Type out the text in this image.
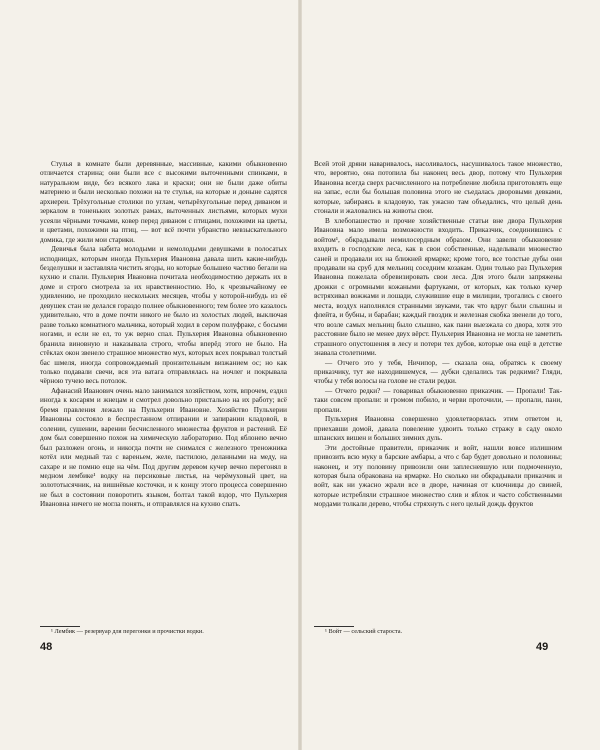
Стулья в комнате были деревянные, массивные, какими обыкновенно отличается старина; они были все с высокими выточенными спинками, в натуральном виде, без всякого лака и краски; они не были даже обиты материею и были несколько похожи на те стулья, на которые и доныне садятся архиереи. Трёхугольные столики по углам, четырёхугольные перед диваном и зеркалом в тоненьких золотых рамах, выточенных листьями, которых мухи усеяли чёрными точками, ковер перед диваном с птицами, похожими на цветы, и цветами, похожими на птиц, — вот всё почти убранство невзыскательного домика, где жили мои старики.

Девичья была набита молодыми и немолодыми девушками в полосатых исподницах, которым иногда Пульхерия Ивановна давала шить какие-нибудь безделушки и заставляла чистить ягоды, но которые большею частию бегали на кухню и спали. Пульхерия Ивановна почитала необходимостию держать их в доме и строго смотрела за их нравственностию. Но, к чрезвычайному ее удивлению, не проходило нескольких месяцев, чтобы у которой-нибудь из её девушек стан не делался гораздо полнее обыкновенного; тем более это казалось удивительно, что в доме почти никого не было из холостых людей, выключая разве только комнатного мальчика, который ходил в сером полуфраке, с босыми ногами, и если не ел, то уж верно спал. Пульхерия Ивановна обыкновенно бранила виновную и наказывала строго, чтобы вперёд этого не было. На стёклах окон звенело страшное множество мух, которых всех покрывал толстый бас шмеля, иногда сопровождаемый пронзительным визжанием ос; но как только подавали свечи, вся эта ватага отправлялась на ночлег и покрывала чёрною тучею весь потолок.

Афанасий Иванович очень мало занимался хозяйством, хотя, впрочем, ездил иногда к косарям и жнецам и смотрел довольно пристально на их работу; всё бремя правления лежало на Пульхерии Ивановне. Хозяйство Пульхерии Ивановны состояло в беспрестанном отпирании и запирании кладовой, в солении, сушении, варении бесчисленного множества фруктов и растений. Её дом был совершенно похож на химическую лабораторию. Под яблонею вечно был разложен огонь, и никогда почти не снимался с железного треножника котёл или медный таз с вареньем, желе, пастилою, деланными на меду, на сахаре и не помню еще на чём. Под другим деревом кучер вечно перегонял в медном лембике¹ водку на персиковые листья, на черёмуховый цвет, на золототысячник, на вишнёвые косточки, и к концу этого процесса совершенно не был в состоянии поворотить языком, болтал такой вздор, что Пульхерия Ивановна ничего не могла понять, и отправлялся на кухню спать.

¹ Лембик — резервуар для перегонки и прочистки водки.
48

Всей этой дряни наваривалось, насоливалось, насушивалось такое множество, что, вероятно, она потопила бы наконец весь двор, потому что Пульхерия Ивановна всегда сверх расчисленного на потребление любила приготовлять еще на запас, если бы большая половина этого не съедалась дворовыми девками, которые, забираясь в кладовую, так ужасно там объедались, что целый день стонали и жаловались на животы свои.

В хлебопашество и прочие хозяйственные статьи вне двора Пульхерия Ивановна мало имела возможности входить. Приказчик, соединившись с войтом¹, обкрадывали немилосердным образом. Они завели обыкновение входить в господские леса, как в свои собственные, наделывали множество саней и продавали их на ближней ярмарке; кроме того, все толстые дубы они продавали на сруб для мельниц соседним козакам. Один только раз Пульхерия Ивановна пожелала обревизировать свои леса. Для этого были запряжены дрожки с огромными кожаными фартуками, от которых, как только кучер встряхивал вожжами и лошади, служившие еще в милиции, трогались с своего места, воздух наполнялся странными звуками, так что вдруг были слышны и флейта, и бубны, и барабан; каждый гвоздик и железная скобка звенели до того, что возле самых мельниц было слышно, как пани выезжала со двора, хотя это расстояние было не менее двух вёрст. Пульхерия Ивановна не могла не заметить страшного опустошения в лесу и потери тех дубов, которые она ещё в детстве знавала столетними.

— Отчего это у тебя, Ничипор, — сказала она, обратясь к своему приказчику, тут же находившемуся, — дубки сделались так редкими? Гляди, чтобы у тебя волосы на голове не стали редки.

— Отчего редки? — говаривал обыкновенно приказчик. — Пропали! Так-таки совсем пропали: и громом побило, и черви проточили, — пропали, пани, пропали.

Пульхерия Ивановна совершенно удовлетворялась этим ответом и, приехавши домой, давала повеление удвоить только стражу в саду около шпанских вишен и больших зимних дуль.

Эти достойные правители, приказчик и войт, нашли вовсе излишним привозить всю муку в барские амбары, а что с бар будет довольно и половины; наконец, и эту половину привозили они заплесневшую или подмоченную, которая была обракована на ярмарке. Но сколько ни обкрадывали приказчик и войт, как ни ужасно жрали все в дворе, начиная от ключницы до свиней, которые истребляли страшное множество слив и яблок и часто собственными мордами толкали дерево, чтобы стряхнуть с него целый дождь фруктов

¹ Войт — сельский староста.
49
